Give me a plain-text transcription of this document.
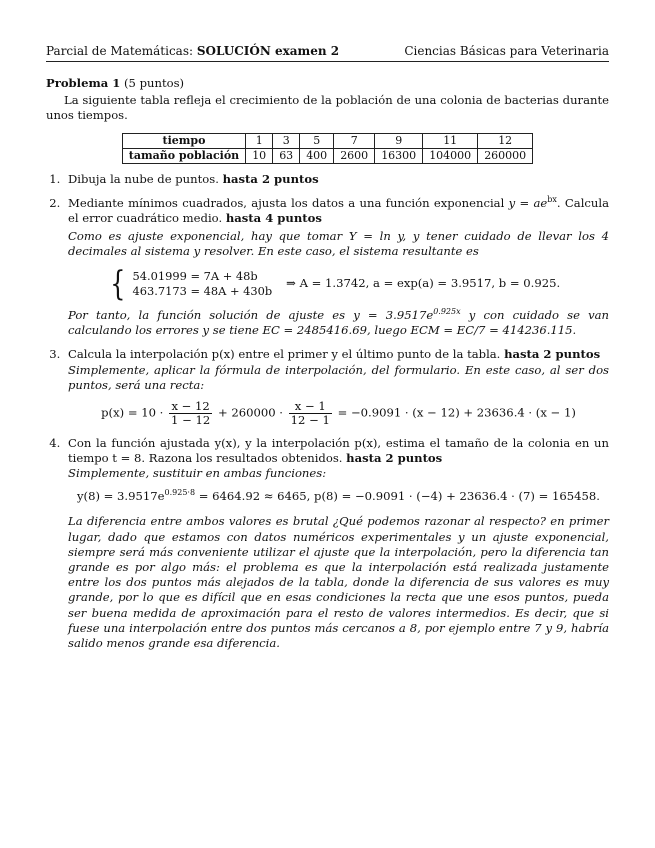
Parcial de Matemáticas: SOLUCIÓN examen 2	Ciencias Básicas para Veterinaria
Problema 1 (5 puntos)
La siguiente tabla refleja el crecimiento de la población de una colonia de bacterias durante unos tiempos.
tiempo	1	3	5	7	9	11	12
tamaño población	10	63	400	2600	16300	104000	260000
1. Dibuja la nube de puntos. hasta 2 puntos
2. Mediante mínimos cuadrados, ajusta los datos a una función exponencial $y = ae^{bx}$. Calcula el error cuadrático medio. hasta 4 puntos
Como es ajuste exponencial, hay que tomar Y = ln y, y tener cuidado de llevar los 4 decimales al sistema y resolver. En este caso, el sistema resultante es
{ 54.01999 = 7A + 48b
463.7173 = 48A + 430b
⇒ A = 1.3742, a = exp(a) = 3.9517, b = 0.925.
Por tanto, la función solución de ajuste es $y = 3.9517e^{0.925x}$ y con cuidado se van calculando los errores y se tiene EC = 2485416.69, luego ECM = EC/7 = 414236.115.
3. Calcula la interpolación p(x) entre el primer y el último punto de la tabla. hasta 2 puntos
Simplemente, aplicar la fórmula de interpolación, del formulario. En este caso, al ser dos puntos, será una recta:
$p(x) = 10 \cdot \frac{x - 12}{1 - 12} + 260000 \cdot \frac{x - 1}{12 - 1} = -0.9091 \cdot (x - 12) + 23636.4 \cdot (x - 1)$
4. Con la función ajustada y(x), y la interpolación p(x), estima el tamaño de la colonia en un tiempo t = 8. Razona los resultados obtenidos. hasta 2 puntos
Simplemente, sustituir en ambas funciones:
$y(8) = 3.9517e^{0.925\cdot 8} = 6464.92 \approx 6465$, p(8) = −0.9091 · (−4) + 23636.4 · (7) = 165458.
La diferencia entre ambos valores es brutal ¿Qué podemos razonar al respecto? en primer lugar, dado que estamos con datos numéricos experimentales y un ajuste exponencial, siempre será más conveniente utilizar el ajuste que la interpolación, pero la diferencia tan grande es por algo más: el problema es que la interpolación está realizada justamente entre los dos puntos más alejados de la tabla, donde la diferencia de sus valores es muy grande, por lo que es difícil que en esas condiciones la recta que une esos puntos, pueda ser buena medida de aproximación para el resto de valores intermedios. Es decir, que si fuese una interpolación entre dos puntos más cercanos a 8, por ejemplo entre 7 y 9, habría salido menos grande esa diferencia.
